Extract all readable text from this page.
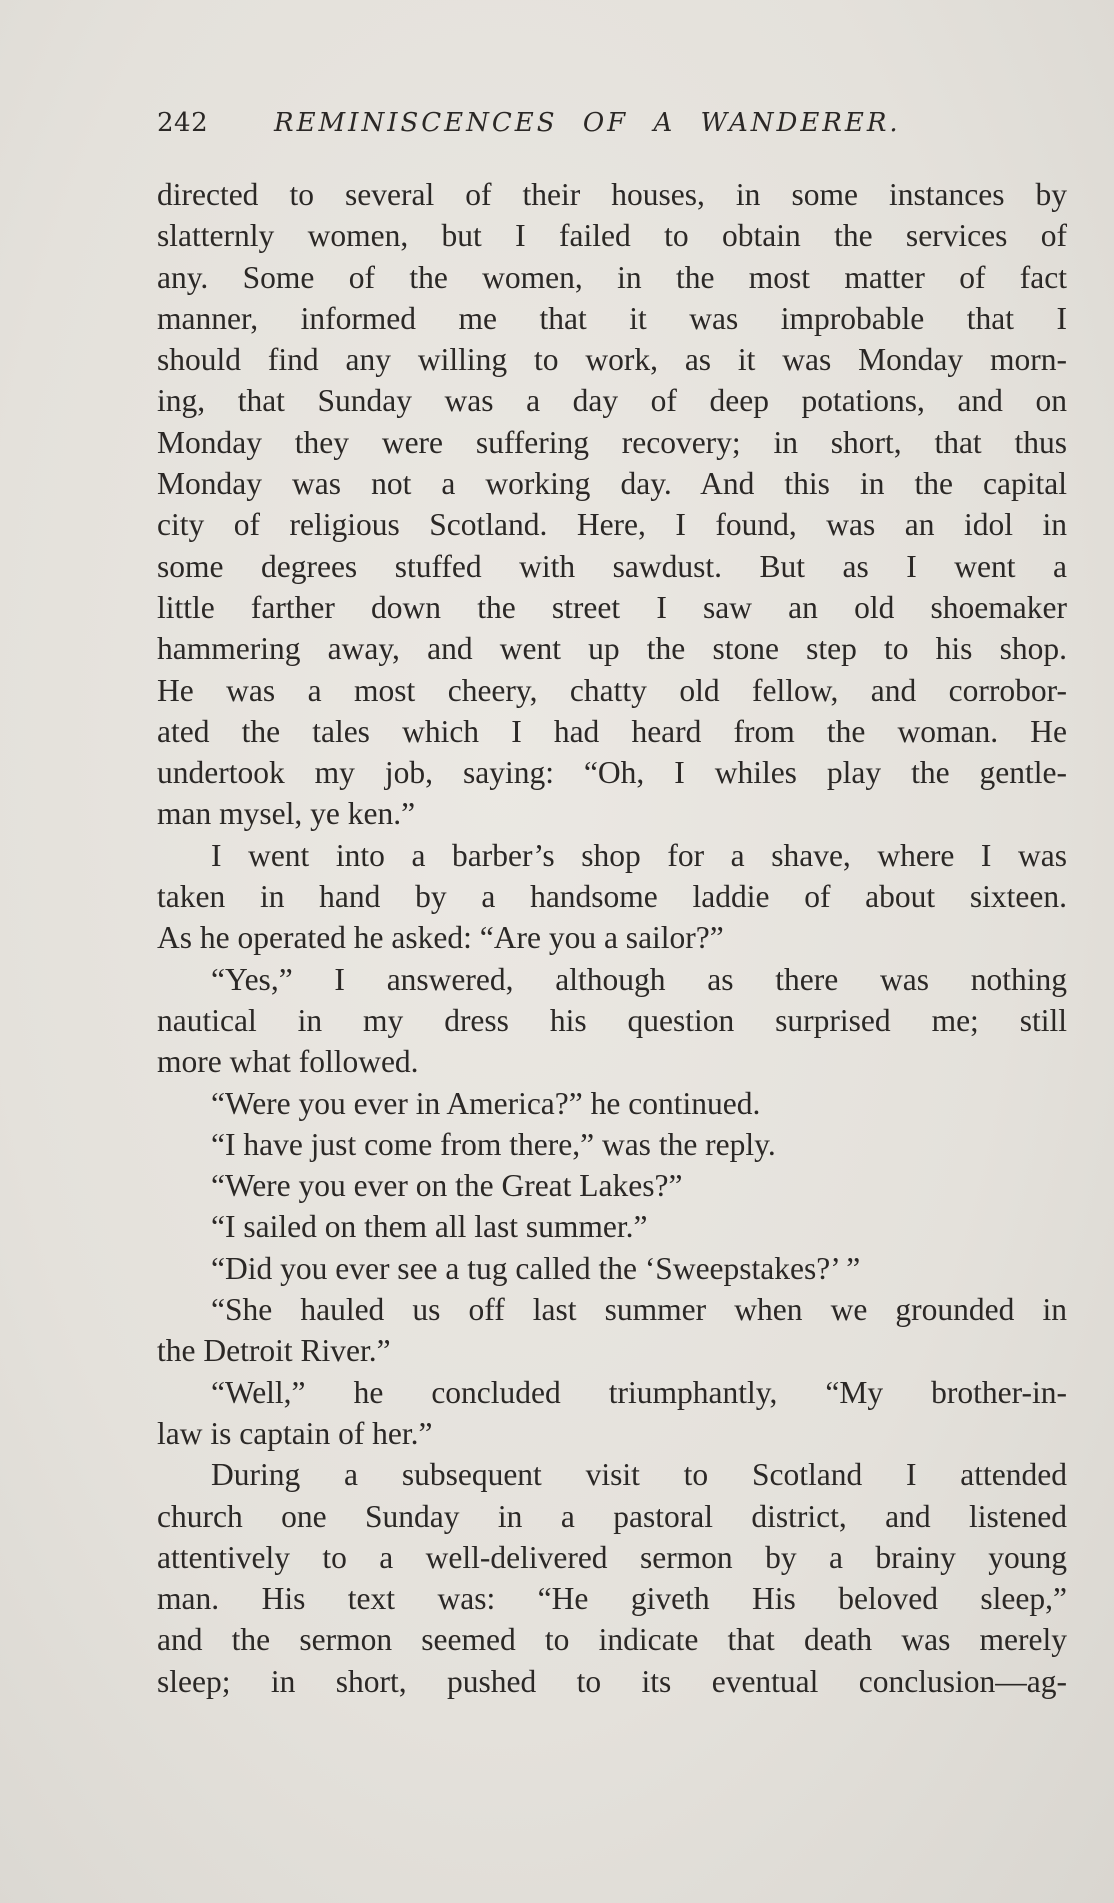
242	REMINISCENCES OF A WANDERER.
directed to several of their houses, in some instances by
slatternly women, but I failed to obtain the services of
any. Some of the women, in the most matter of fact
manner, informed me that it was improbable that I
should find any willing to work, as it was Monday morn-
ing, that Sunday was a day of deep potations, and on
Monday they were suffering recovery; in short, that thus
Monday was not a working day. And this in the capital
city of religious Scotland. Here, I found, was an idol in
some degrees stuffed with sawdust. But as I went a
little farther down the street I saw an old shoemaker
hammering away, and went up the stone step to his shop.
He was a most cheery, chatty old fellow, and corrobor-
ated the tales which I had heard from the woman. He
undertook my job, saying: “Oh, I whiles play the gentle-
man mysel, ye ken.”
I went into a barber’s shop for a shave, where I was
taken in hand by a handsome laddie of about sixteen.
As he operated he asked: “Are you a sailor?”
“Yes,” I answered, although as there was nothing
nautical in my dress his question surprised me; still
more what followed.
“Were you ever in America?” he continued.
“I have just come from there,” was the reply.
“Were you ever on the Great Lakes?”
“I sailed on them all last summer.”
“Did you ever see a tug called the ‘Sweepstakes?’ ”
“She hauled us off last summer when we grounded in
the Detroit River.”
“Well,” he concluded triumphantly, “My brother-in-
law is captain of her.”
During a subsequent visit to Scotland I attended
church one Sunday in a pastoral district, and listened
attentively to a well-delivered sermon by a brainy young
man. His text was: “He giveth His beloved sleep,”
and the sermon seemed to indicate that death was merely
sleep; in short, pushed to its eventual conclusion—ag-
